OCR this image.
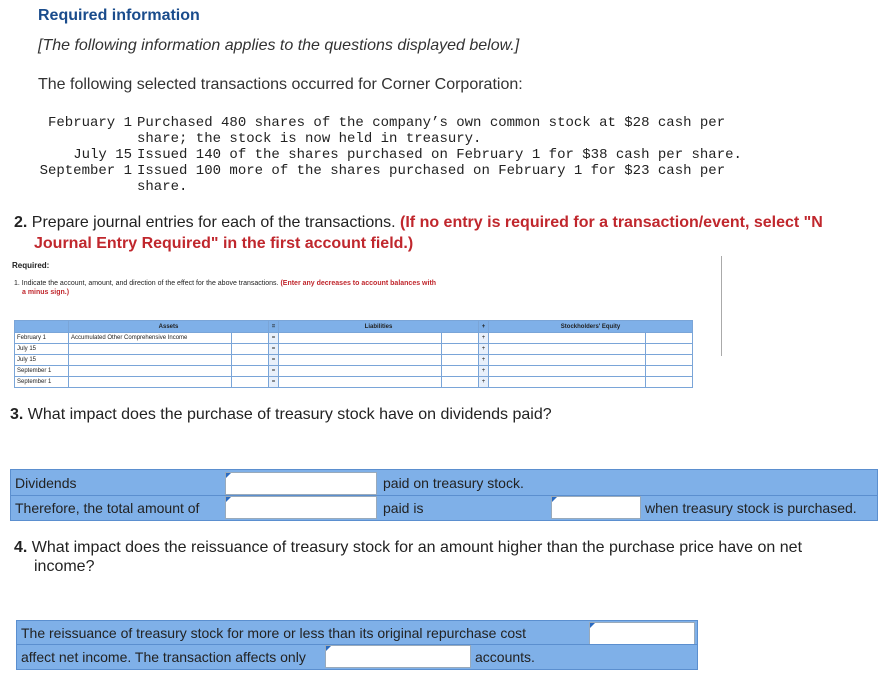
Required information
[The following information applies to the questions displayed below.]
The following selected transactions occurred for Corner Corporation:
February 1 Purchased 480 shares of the company’s own common stock at $28 cash per
share; the stock is now held in treasury.
July 15 Issued 140 of the shares purchased on February 1 for $38 cash per share.
September 1 Issued 100 more of the shares purchased on February 1 for $23 cash per
share.
2. Prepare journal entries for each of the transactions. (If no entry is required for a transaction/event, select "N
Journal Entry Required" in the first account field.)
Required:
1. Indicate the account, amount, and direction of the effect for the above transactions. (Enter any decreases to account balances with
a minus sign.)
	Assets		=	Liabilities		+	Stockholders' Equity	
February 1	Accumulated Other Comprehensive Income		=			+		
July 15			=			+		
July 15			=			+		
September 1			=			+		
September 1			=			+		
3. What impact does the purchase of treasury stock have on dividends paid?
Dividends	paid on treasury stock.
Therefore, the total amount of	paid is	when treasury stock is purchased.
4. What impact does the reissuance of treasury stock for an amount higher than the purchase price have on net
income?
The reissuance of treasury stock for more or less than its original repurchase cost
affect net income. The transaction affects only	accounts.
